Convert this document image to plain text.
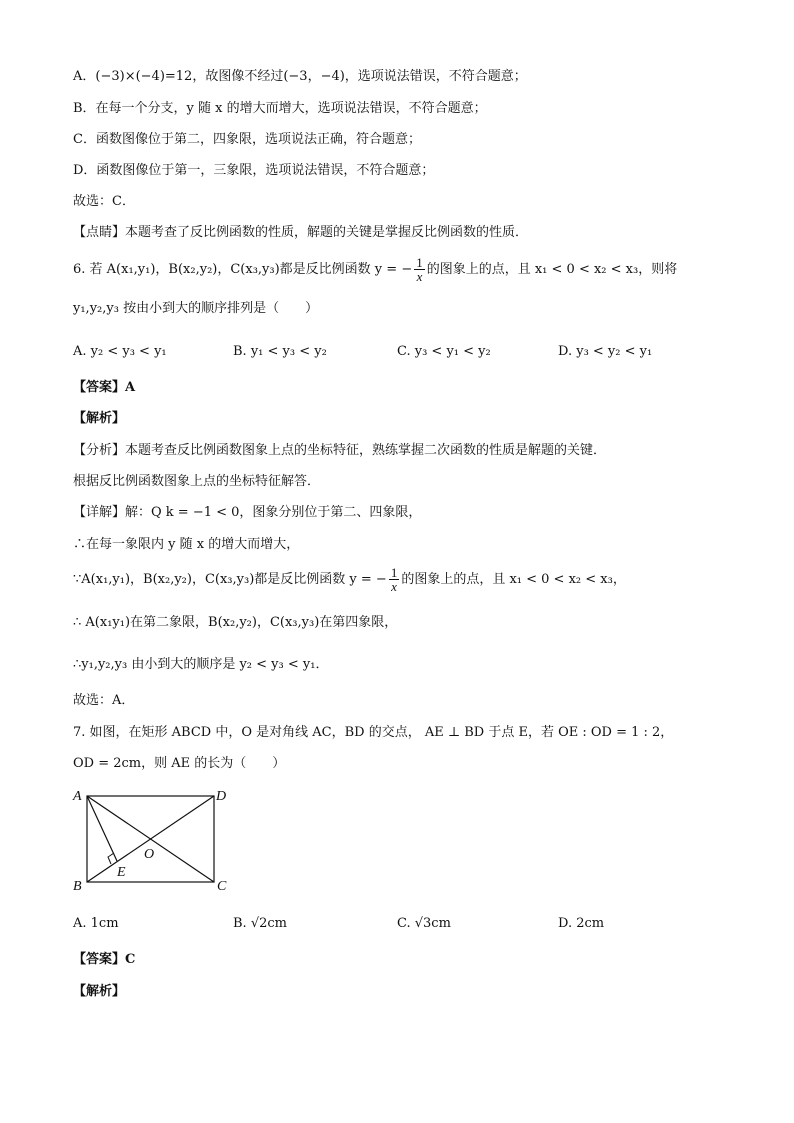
A．(−3)×(−4)=12，故图像不经过(−3，−4)，选项说法错误，不符合题意；
B．在每一个分支，y 随 x 的增大而增大，选项说法错误，不符合题意；
C．函数图像位于第二，四象限，选项说法正确，符合题意；
D．函数图像位于第一，三象限，选项说法错误，不符合题意；
故选：C．
【点睛】本题考查了反比例函数的性质，解题的关键是掌握反比例函数的性质．
6. 若 A(x₁,y₁)，B(x₂,y₂)，C(x₃,y₃)都是反比例函数 y = − $\frac{1}{x}$ 的图象上的点，且 x₁ < 0 < x₂ < x₃，则将
y₁,y₂,y₃ 按由小到大的顺序排列是（　　）
A. y₂ < y₃ < y₁	B. y₁ < y₃ < y₂	C. y₃ < y₁ < y₂	D. y₃ < y₂ < y₁
【答案】A
【解析】
【分析】本题考查反比例函数图象上点的坐标特征，熟练掌握二次函数的性质是解题的关键．
根据反比例函数图象上点的坐标特征解答．
【详解】解：Q k = −1 < 0，图象分别位于第二、四象限，
∴在每一象限内 y 随 x 的增大而增大，
∵A(x₁,y₁)，B(x₂,y₂)，C(x₃,y₃)都是反比例函数 y = − $\frac{1}{x}$ 的图象上的点，且 x₁ < 0 < x₂ < x₃，
∴ A(x₁y₁)在第二象限，B(x₂,y₂)，C(x₃,y₃)在第四象限，
∴y₁,y₂,y₃ 由小到大的顺序是 y₂ < y₃ < y₁．
故选：A．
7. 如图，在矩形 ABCD 中，O 是对角线 AC，BD 的交点， AE ⊥ BD 于点 E，若 OE : OD = 1 : 2，
OD = 2cm，则 AE 的长为（　　）
A	D
B	C
O
E
A. 1cm	B. √2cm	C. √3cm	D. 2cm
【答案】C
【解析】
